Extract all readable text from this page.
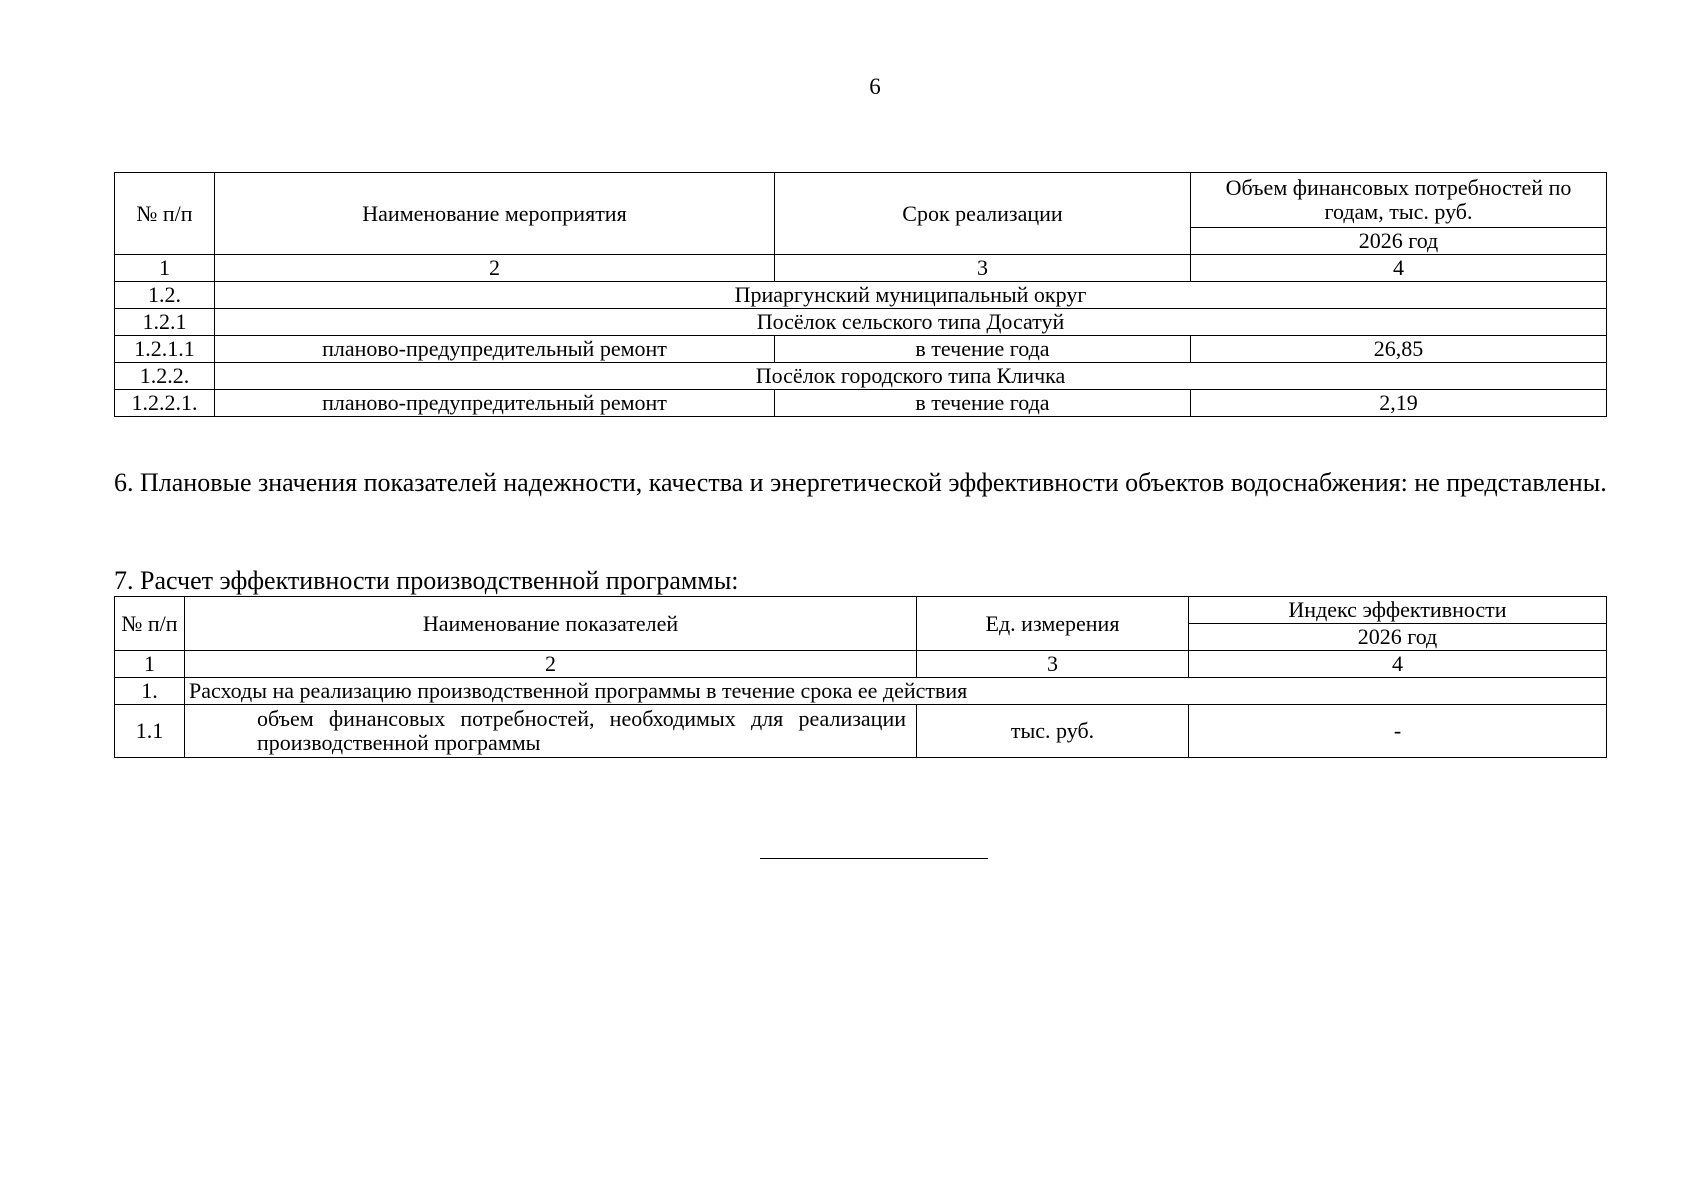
6
№ п/п	Наименование мероприятия	Срок реализации	Объем финансовых потребностей по годам, тыс. руб.
			2026 год
1	2	3	4
1.2.	Приаргунский муниципальный округ		
1.2.1	Посёлок сельского типа Досатуй		
1.2.1.1	планово-предупредительный ремонт	в течение года	26,85
1.2.2.	Посёлок городского типа Кличка		
1.2.2.1.	планово-предупредительный ремонт	в течение года	2,19
6. Плановые значения показателей надежности, качества и энергетической эффективности объектов водоснабжения: не представлены.
7. Расчет эффективности производственной программы:
№ п/п	Наименование показателей	Ед. измерения	Индекс эффективности
			2026 год
1	2	3	4
1.	Расходы на реализацию производственной программы в течение срока ее действия		
1.1	объем финансовых потребностей, необходимых для реализации производственной программы	тыс. руб.	-
